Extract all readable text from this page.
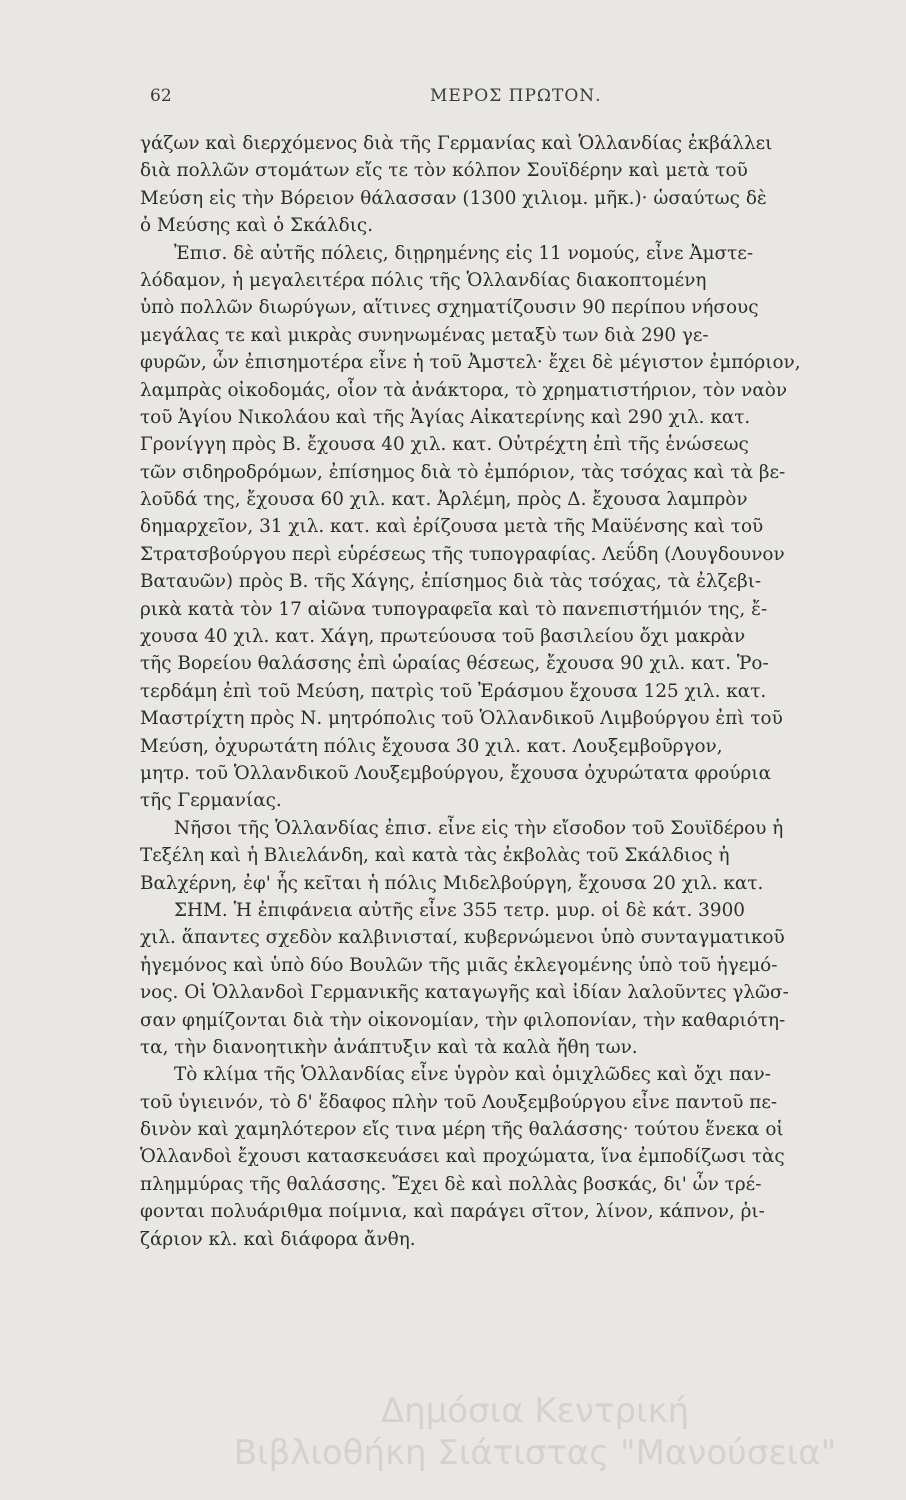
62	ΜΕΡΟΣ ΠΡΩΤΟΝ.
γάζων καὶ διερχόμενος διὰ τῆς Γερμανίας καὶ Ὁλλανδίας ἐκβάλλει
διὰ πολλῶν στομάτων εἴς τε τὸν κόλπον Σουϊδέρην καὶ μετὰ τοῦ
Μεύση εἰς τὴν Βόρειον θάλασσαν (1300 χιλιομ. μῆκ.)· ὡσαύτως δὲ
ὁ Μεύσης καὶ ὁ Σκάλδις.
Ἐπισ. δὲ αὐτῆς πόλεις, διῃρημένης εἰς 11 νομούς, εἶνε Ἀμστε-
λόδαμον, ἡ μεγαλειτέρα πόλις τῆς Ὁλλανδίας διακοπτομένη
ὑπὸ πολλῶν διωρύγων, αἵτινες σχηματίζουσιν 90 περίπου νήσους
μεγάλας τε καὶ μικρὰς συνηνωμένας μεταξὺ των διὰ 290 γε-
φυρῶν, ὧν ἐπισημοτέρα εἶνε ἡ τοῦ Ἀμστελ· ἔχει δὲ μέγιστον ἐμπόριον,
λαμπρὰς οἰκοδομάς, οἷον τὰ ἀνάκτορα, τὸ χρηματιστήριον, τὸν ναὸν
τοῦ Ἁγίου Νικολάου καὶ τῆς Ἁγίας Αἰκατερίνης καὶ 290 χιλ. κατ.
Γρονίγγη πρὸς Β. ἔχουσα 40 χιλ. κατ. Οὐτρέχτη ἐπὶ τῆς ἑνώσεως
τῶν σιδηροδρόμων, ἐπίσημος διὰ τὸ ἐμπόριον, τὰς τσόχας καὶ τὰ βε-
λοῦδά της, ἔχουσα 60 χιλ. κατ. Ἀρλέμη, πρὸς Δ. ἔχουσα λαμπρὸν
δημαρχεῖον, 31 χιλ. κατ. καὶ ἐρίζουσα μετὰ τῆς Μαϋένσης καὶ τοῦ
Στρατσβούργου περὶ εὑρέσεως τῆς τυπογραφίας. Λεΰδη (Λουγδουνον
Βαταυῶν) πρὸς Β. τῆς Χάγης, ἐπίσημος διὰ τὰς τσόχας, τὰ ἐλζεβι-
ρικὰ κατὰ τὸν 17 αἰῶνα τυπογραφεῖα καὶ τὸ πανεπιστήμιόν της, ἔ-
χουσα 40 χιλ. κατ. Χάγη, πρωτεύουσα τοῦ βασιλείου ὄχι μακρὰν
τῆς Βορείου θαλάσσης ἐπὶ ὡραίας θέσεως, ἔχουσα 90 χιλ. κατ. Ῥο-
τερδάμη ἐπὶ τοῦ Μεύση, πατρὶς τοῦ Ἐράσμου ἔχουσα 125 χιλ. κατ.
Μαστρίχτη πρὸς Ν. μητρόπολις τοῦ Ὁλλανδικοῦ Λιμβούργου ἐπὶ τοῦ
Μεύση, ὀχυρωτάτη πόλις ἔχουσα 30 χιλ. κατ. Λουξεμβοῦργον,
μητρ. τοῦ Ὁλλανδικοῦ Λουξεμβούργου, ἔχουσα ὀχυρώτατα φρούρια
τῆς Γερμανίας.
Νῆσοι τῆς Ὁλλανδίας ἐπισ. εἶνε εἰς τὴν εἴσοδον τοῦ Σουϊδέρου ἡ
Τεξέλη καὶ ἡ Βλιελάνδη, καὶ κατὰ τὰς ἐκβολὰς τοῦ Σκάλδιος ἡ
Βαλχέρνη, ἐφ' ἧς κεῖται ἡ πόλις Μιδελβούργη, ἔχουσα 20 χιλ. κατ.
ΣΗΜ. Ἡ ἐπιφάνεια αὐτῆς εἶνε 355 τετρ. μυρ. οἱ δὲ κάτ. 3900
χιλ. ἅπαντες σχεδὸν καλβινισταί, κυβερνώμενοι ὑπὸ συνταγματικοῦ
ἡγεμόνος καὶ ὑπὸ δύο Βουλῶν τῆς μιᾶς ἐκλεγομένης ὑπὸ τοῦ ἡγεμό-
νος. Οἱ Ὁλλανδοὶ Γερμανικῆς καταγωγῆς καὶ ἰδίαν λαλοῦντες γλῶσ-
σαν φημίζονται διὰ τὴν οἰκονομίαν, τὴν φιλοπονίαν, τὴν καθαριότη-
τα, τὴν διανοητικὴν ἀνάπτυξιν καὶ τὰ καλὰ ἤθη των.
Τὸ κλίμα τῆς Ὁλλανδίας εἶνε ὑγρὸν καὶ ὁμιχλῶδες καὶ ὄχι παν-
τοῦ ὑγιεινόν, τὸ δ' ἔδαφος πλὴν τοῦ Λουξεμβούργου εἶνε παντοῦ πε-
δινὸν καὶ χαμηλότερον εἴς τινα μέρη τῆς θαλάσσης· τούτου ἕνεκα οἱ
Ὁλλανδοὶ ἔχουσι κατασκευάσει καὶ προχώματα, ἵνα ἐμποδίζωσι τὰς
πλημμύρας τῆς θαλάσσης. Ἔχει δὲ καὶ πολλὰς βοσκάς, δι' ὧν τρέ-
φονται πολυάριθμα ποίμνια, καὶ παράγει σῖτον, λίνον, κάπνον, ῥι-
ζάριον κλ. καὶ διάφορα ἄνθη.
Δημόσια Κεντρική
Βιβλιοθήκη Σιάτιστας "Μανούσεια"
